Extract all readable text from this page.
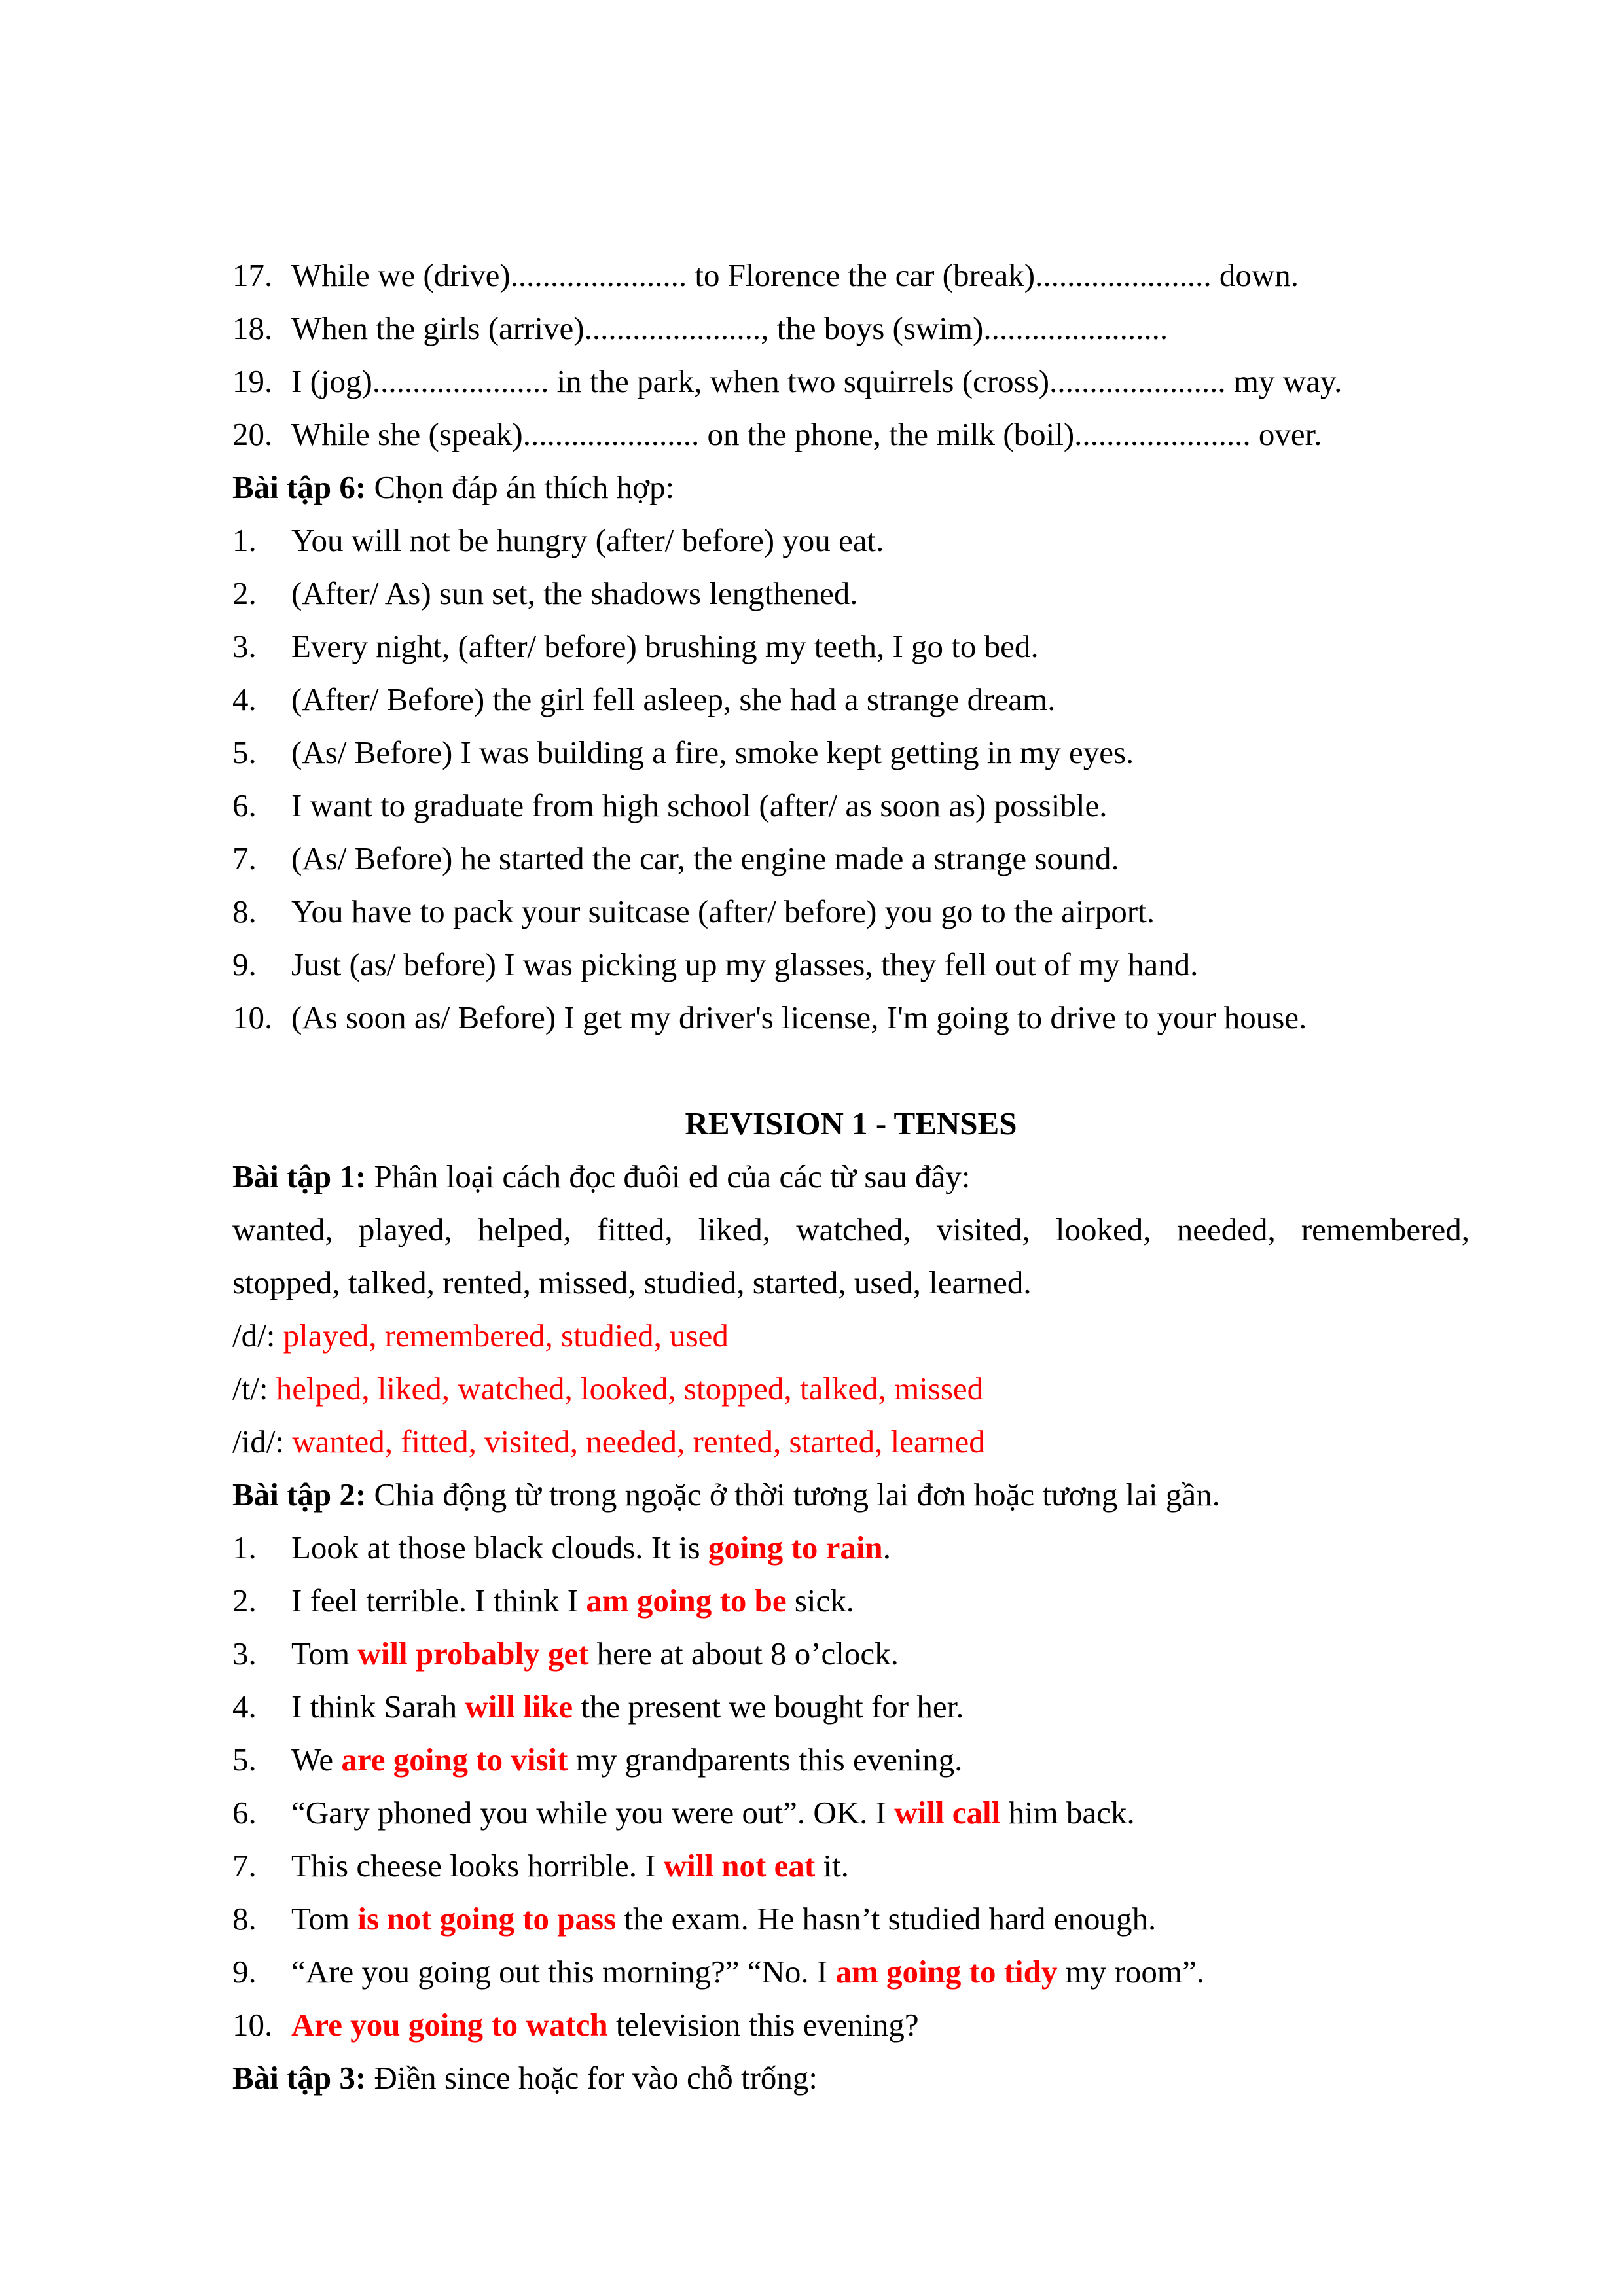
17. While we (drive)...................... to Florence the car (break)...................... down.
18. When the girls (arrive)......................, the boys (swim).......................
19. I (jog)...................... in the park, when two squirrels (cross)...................... my way.
20. While she (speak)...................... on the phone, the milk (boil)...................... over.
Bài tập 6: Chọn đáp án thích hợp:
1. You will not be hungry (after/ before) you eat.
2. (After/ As) sun set, the shadows lengthened.
3. Every night, (after/ before) brushing my teeth, I go to bed.
4. (After/ Before) the girl fell asleep, she had a strange dream.
5. (As/ Before) I was building a fire, smoke kept getting in my eyes.
6. I want to graduate from high school (after/ as soon as) possible.
7. (As/ Before) he started the car, the engine made a strange sound.
8. You have to pack your suitcase (after/ before) you go to the airport.
9. Just (as/ before) I was picking up my glasses, they fell out of my hand.
10. (As soon as/ Before) I get my driver's license, I'm going to drive to your house.
REVISION 1 - TENSES
Bài tập 1: Phân loại cách đọc đuôi ed của các từ sau đây:
wanted, played, helped, fitted, liked, watched, visited, looked, needed, remembered,
stopped, talked, rented, missed, studied, started, used, learned.
/d/: played, remembered, studied, used
/t/: helped, liked, watched, looked, stopped, talked, missed
/id/: wanted, fitted, visited, needed, rented, started, learned
Bài tập 2: Chia động từ trong ngoặc ở thời tương lai đơn hoặc tương lai gần.
1. Look at those black clouds. It is going to rain.
2. I feel terrible. I think I am going to be sick.
3. Tom will probably get here at about 8 o’clock.
4. I think Sarah will like the present we bought for her.
5. We are going to visit my grandparents this evening.
6. “Gary phoned you while you were out”. OK. I will call him back.
7. This cheese looks horrible. I will not eat it.
8. Tom is not going to pass the exam. He hasn’t studied hard enough.
9. “Are you going out this morning?” “No. I am going to tidy my room”.
10. Are you going to watch television this evening?
Bài tập 3: Điền since hoặc for vào chỗ trống:
